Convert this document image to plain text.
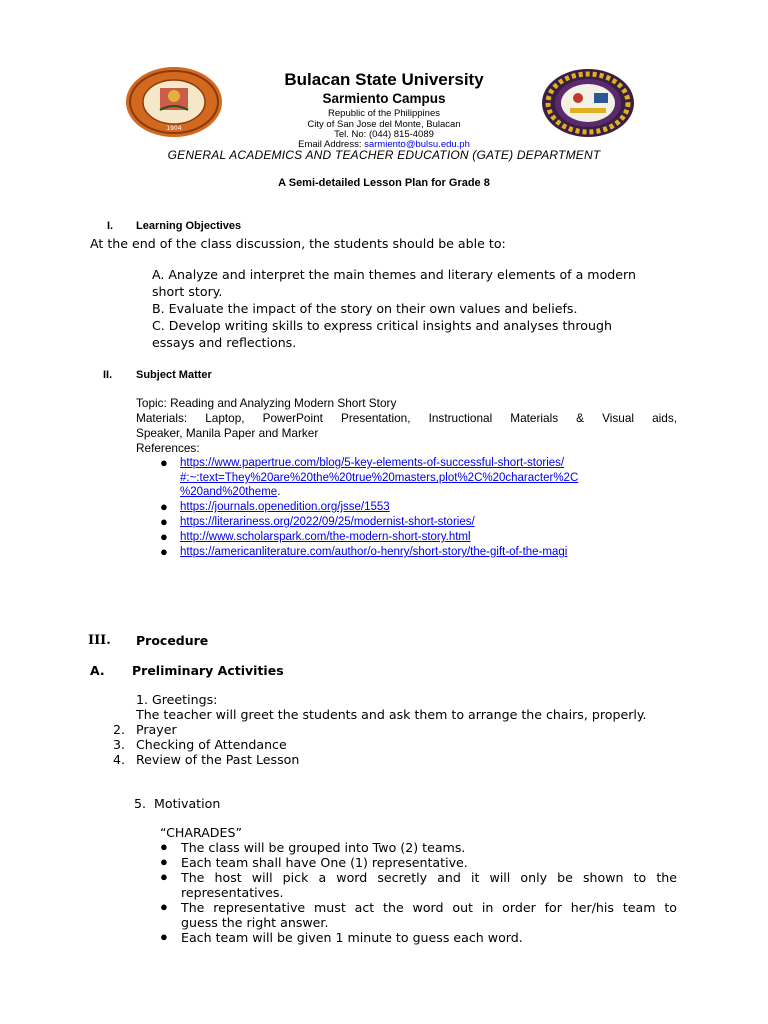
1904
Bulacan State University
Sarmiento Campus
Republic of the Philippines
City of San Jose del Monte, Bulacan
Tel. No: (044) 815-4089
Email Address: sarmiento@bulsu.edu.ph
GENERAL ACADEMICS AND TEACHER EDUCATION (GATE) DEPARTMENT
A Semi-detailed Lesson Plan for Grade 8
I. Learning Objectives
At the end of the class discussion, the students should be able to:
A. Analyze and interpret the main themes and literary elements of a modern
short story.
B. Evaluate the impact of the story on their own values and beliefs.
C. Develop writing skills to express critical insights and analyses through
essays and reflections.
II. Subject Matter
Topic: Reading and Analyzing Modern Short Story
Materials: Laptop, PowerPoint Presentation, Instructional Materials & Visual aids,
Speaker, Manila Paper and Marker
References:
● https://www.papertrue.com/blog/5-key-elements-of-successful-short-stories/
#:~:text=They%20are%20the%20true%20masters,plot%2C%20character%2C
%20and%20theme.
● https://journals.openedition.org/jsse/1553
● https://literariness.org/2022/09/25/modernist-short-stories/
● http://www.scholarspark.com/the-modern-short-story.html
● https://americanliterature.com/author/o-henry/short-story/the-gift-of-the-magi
III. Procedure
A. Preliminary Activities
1. Greetings:
The teacher will greet the students and ask them to arrange the chairs, properly.
2. Prayer
3. Checking of Attendance
4. Review of the Past Lesson
5. Motivation
“CHARADES”
● The class will be grouped into Two (2) teams.
● Each team shall have One (1) representative.
● The host will pick a word secretly and it will only be shown to the
representatives.
● The representative must act the word out in order for her/his team to
guess the right answer.
● Each team will be given 1 minute to guess each word.
